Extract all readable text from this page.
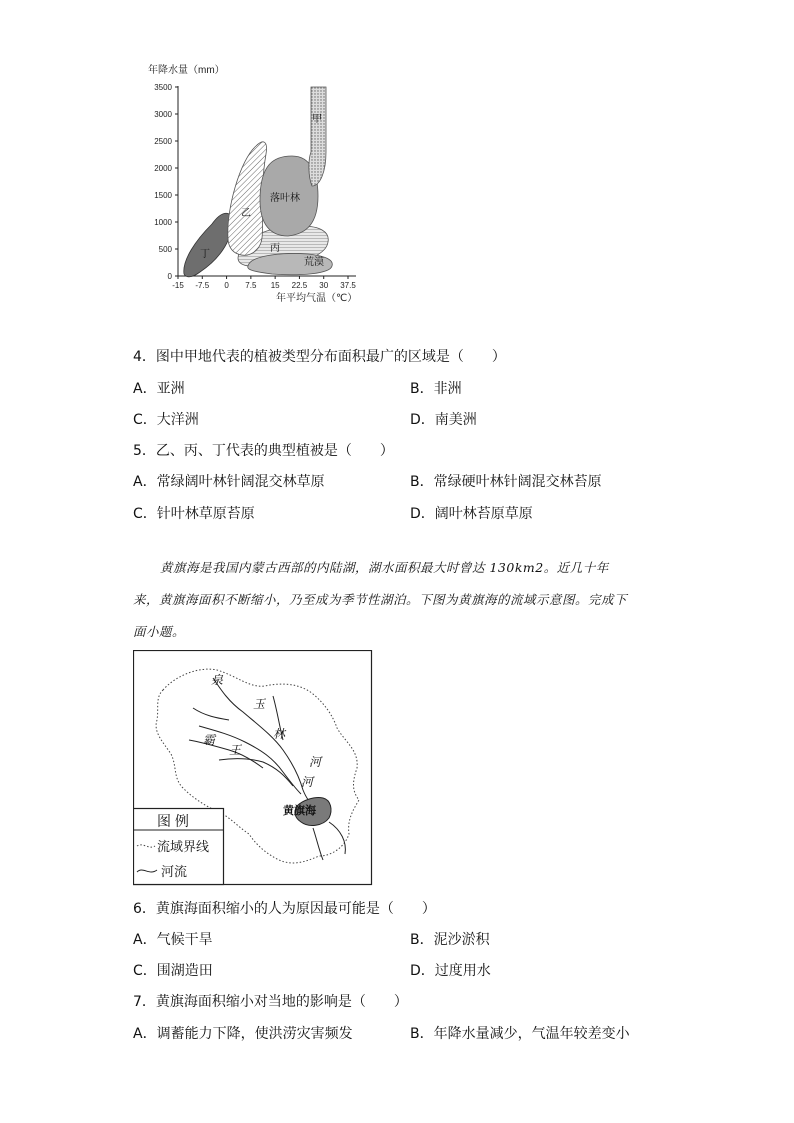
年降水量（mm）
0
500
1000
1500
2000
2500
3000
3500
-15 -7.5 0 7.5 15 22.5 30 37.5
甲
乙
落叶林
丙
荒漠
丁
年平均气温（℃）
4．图中甲地代表的植被类型分布面积最广的区域是（　　）
A．亚洲	B．非洲
C．大洋洲	D．南美洲
5．乙、丙、丁代表的典型植被是（　　）
A．常绿阔叶林针阔混交林草原	B．常绿硬叶林针阔混交林苔原
C．针叶林草原苔原	D．阔叶林苔原草原
黄旗海是我国内蒙古西部的内陆湖，湖水面积最大时曾达 130km2。近几十年
来，黄旗海面积不断缩小，乃至成为季节性湖泊。下图为黄旗海的流域示意图。完成下
面小题。
泉
玉
林
霸
王
河
河
黄旗海
图 例
流域界线
河流
6．黄旗海面积缩小的人为原因最可能是（　　）
A．气候干旱	B．泥沙淤积
C．围湖造田	D．过度用水
7．黄旗海面积缩小对当地的影响是（　　）
A．调蓄能力下降，使洪涝灾害频发	B．年降水量减少，气温年较差变小
